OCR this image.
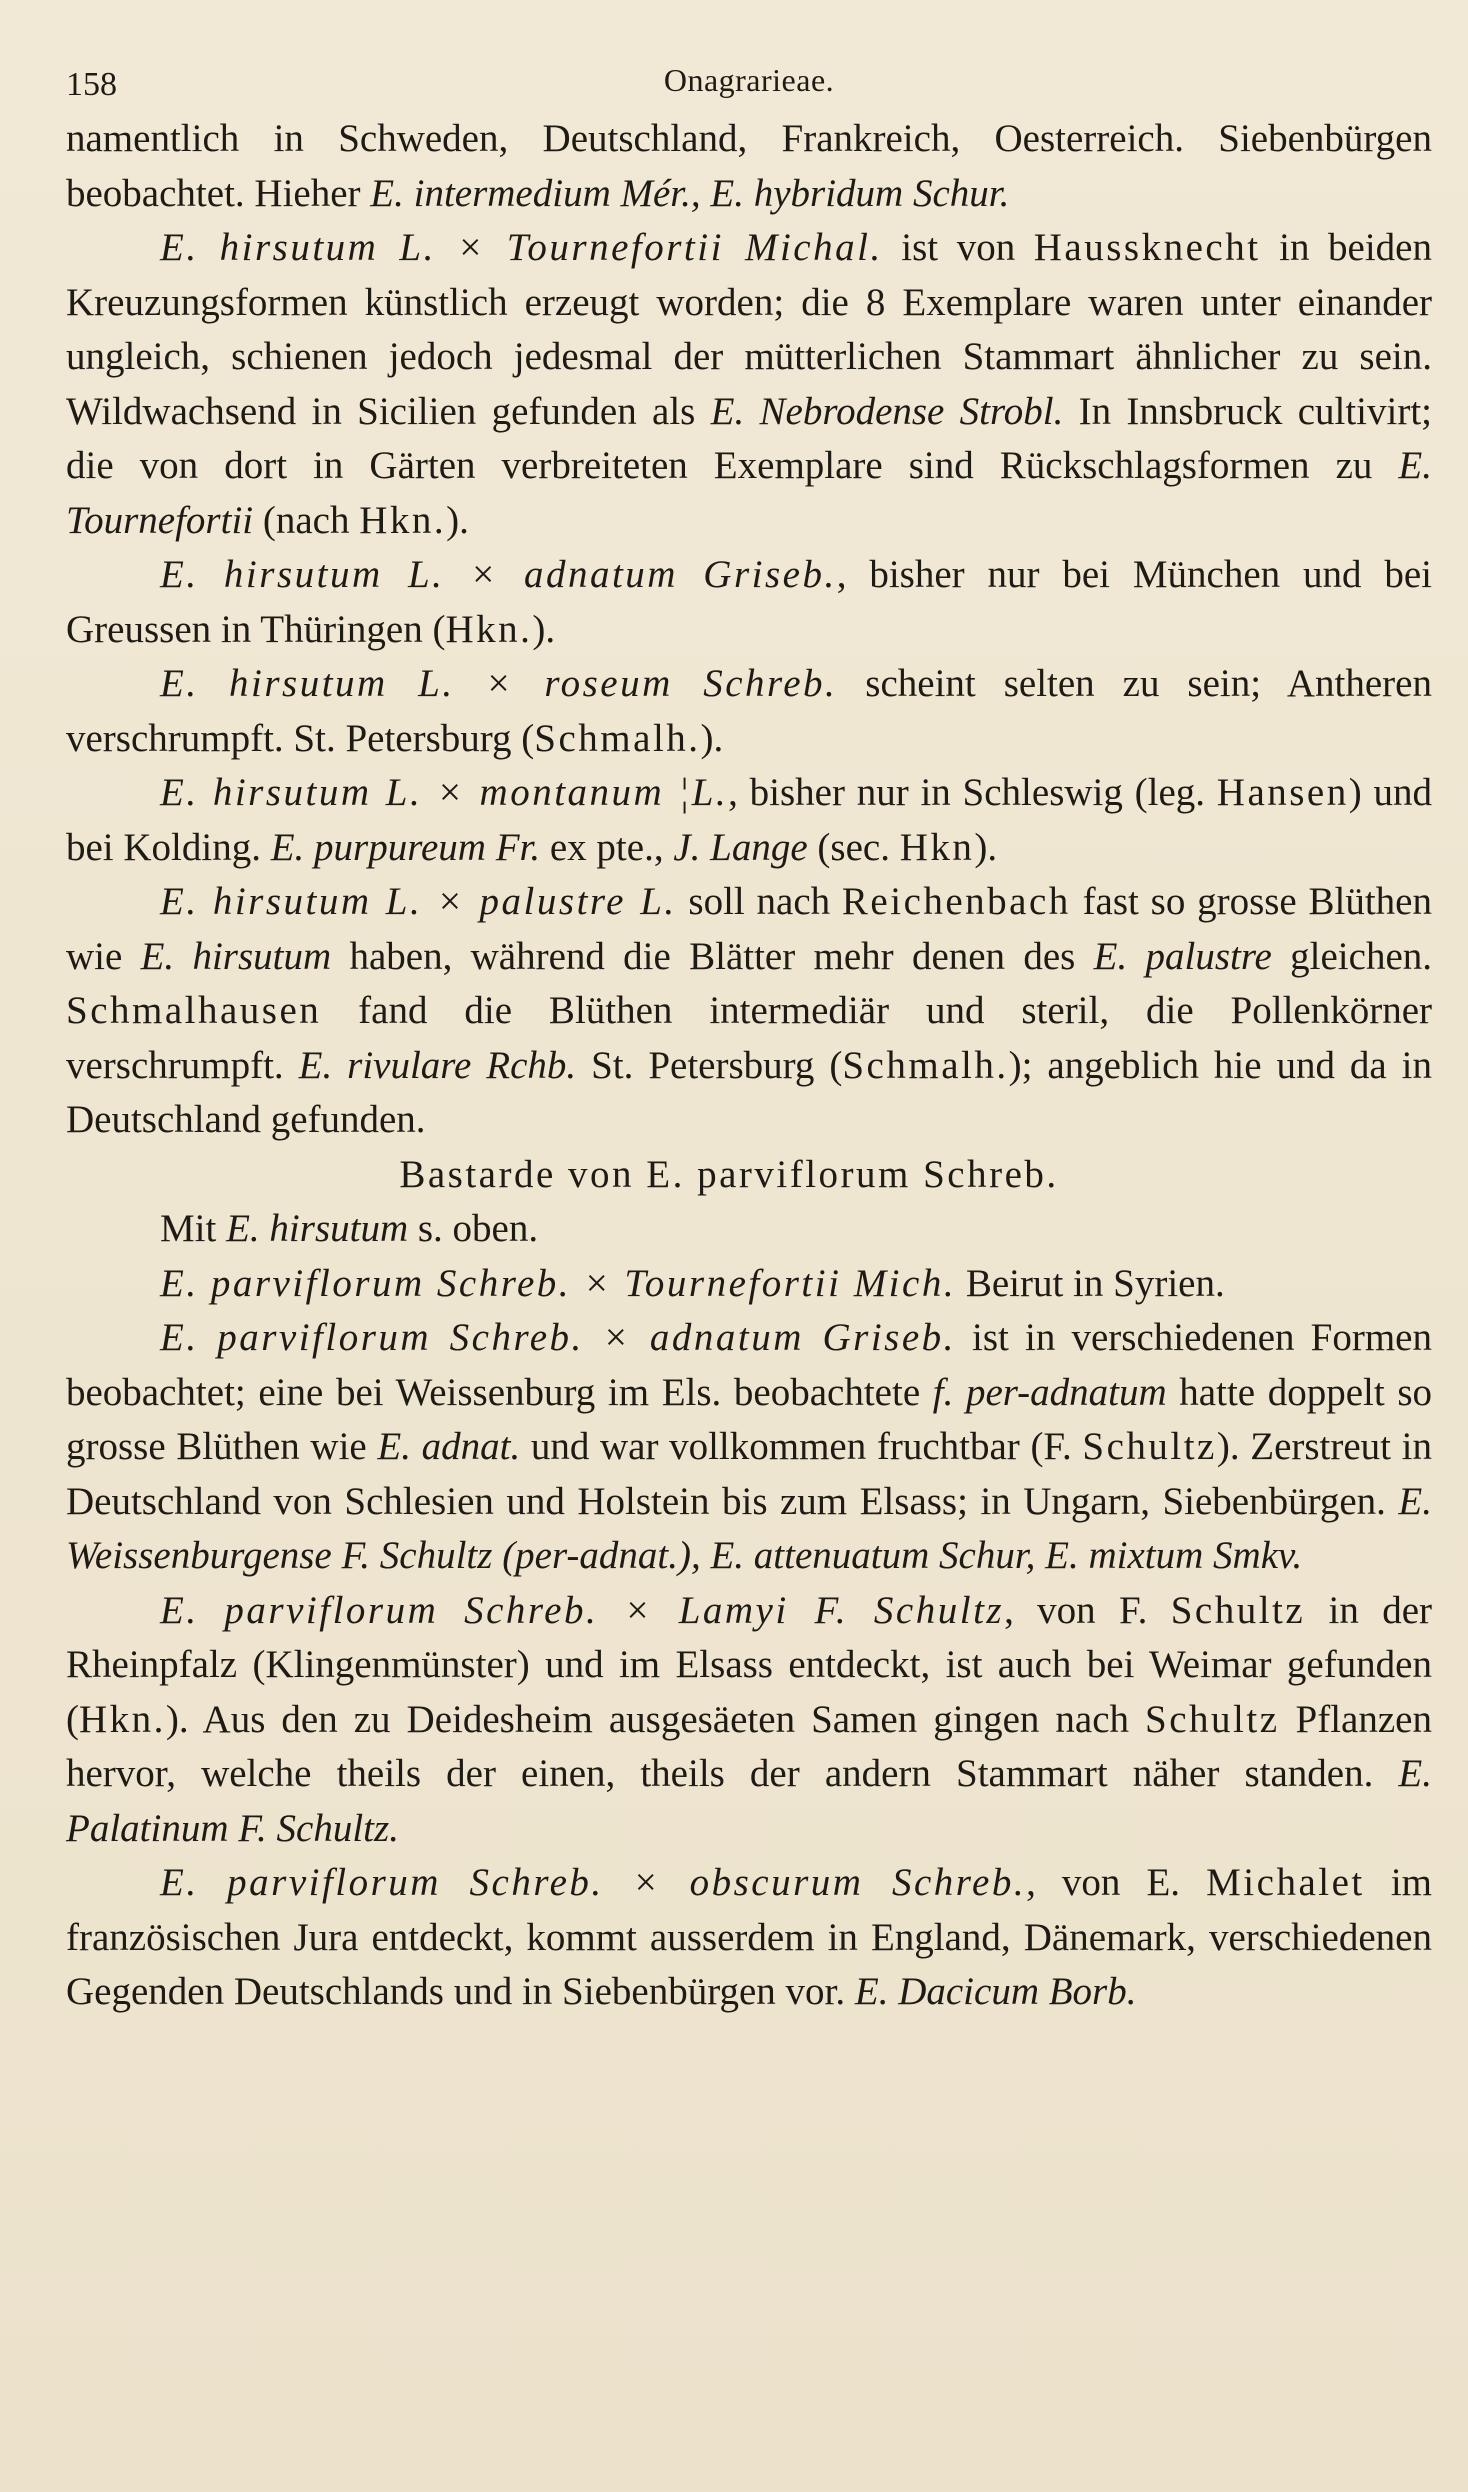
158	Onagrarieae.

namentlich in Schweden, Deutschland, Frankreich, Oesterreich. Siebenbürgen beobachtet. Hieher E. intermedium Mér., E. hybridum Schur.

E. hirsutum L. × Tournefortii Michal. ist von Haussknecht in beiden Kreuzungsformen künstlich erzeugt worden; die 8 Exemplare waren unter einander ungleich, schienen jedoch jedesmal der mütterlichen Stammart ähnlicher zu sein. Wildwachsend in Sicilien gefunden als E. Nebrodense Strobl. In Innsbruck cultivirt; die von dort in Gärten verbreiteten Exemplare sind Rückschlagsformen zu E. Tournefortii (nach Hkn.).

E. hirsutum L. × adnatum Griseb., bisher nur bei München und bei Greussen in Thüringen (Hkn.).

E. hirsutum L. × roseum Schreb. scheint selten zu sein; Antheren verschrumpft. St. Petersburg (Schmalh.).

E. hirsutum L. × montanum ¦L., bisher nur in Schleswig (leg. Hansen) und bei Kolding. E. purpureum Fr. ex pte., J. Lange (sec. Hkn).

E. hirsutum L. × palustre L. soll nach Reichenbach fast so grosse Blüthen wie E. hirsutum haben, während die Blätter mehr denen des E. palustre gleichen. Schmalhausen fand die Blüthen intermediär und steril, die Pollenkörner verschrumpft. E. rivulare Rchb. St. Petersburg (Schmalh.); angeblich hie und da in Deutschland gefunden.

Bastarde von E. parviflorum Schreb.

Mit E. hirsutum s. oben.

E. parviflorum Schreb. × Tournefortii Mich. Beirut in Syrien.

E. parviflorum Schreb. × adnatum Griseb. ist in verschiedenen Formen beobachtet; eine bei Weissenburg im Els. beobachtete f. per-adnatum hatte doppelt so grosse Blüthen wie E. adnat. und war vollkommen fruchtbar (F. Schultz). Zerstreut in Deutschland von Schlesien und Holstein bis zum Elsass; in Ungarn, Siebenbürgen. E. Weissenburgense F. Schultz (per-adnat.), E. attenuatum Schur, E. mixtum Smkv.

E. parviflorum Schreb. × Lamyi F. Schultz, von F. Schultz in der Rheinpfalz (Klingenmünster) und im Elsass entdeckt, ist auch bei Weimar gefunden (Hkn.). Aus den zu Deidesheim ausgesäeten Samen gingen nach Schultz Pflanzen hervor, welche theils der einen, theils der andern Stammart näher standen. E. Palatinum F. Schultz.

E. parviflorum Schreb. × obscurum Schreb., von E. Michalet im französischen Jura entdeckt, kommt ausserdem in England, Dänemark, verschiedenen Gegenden Deutschlands und in Siebenbürgen vor. E. Dacicum Borb.
